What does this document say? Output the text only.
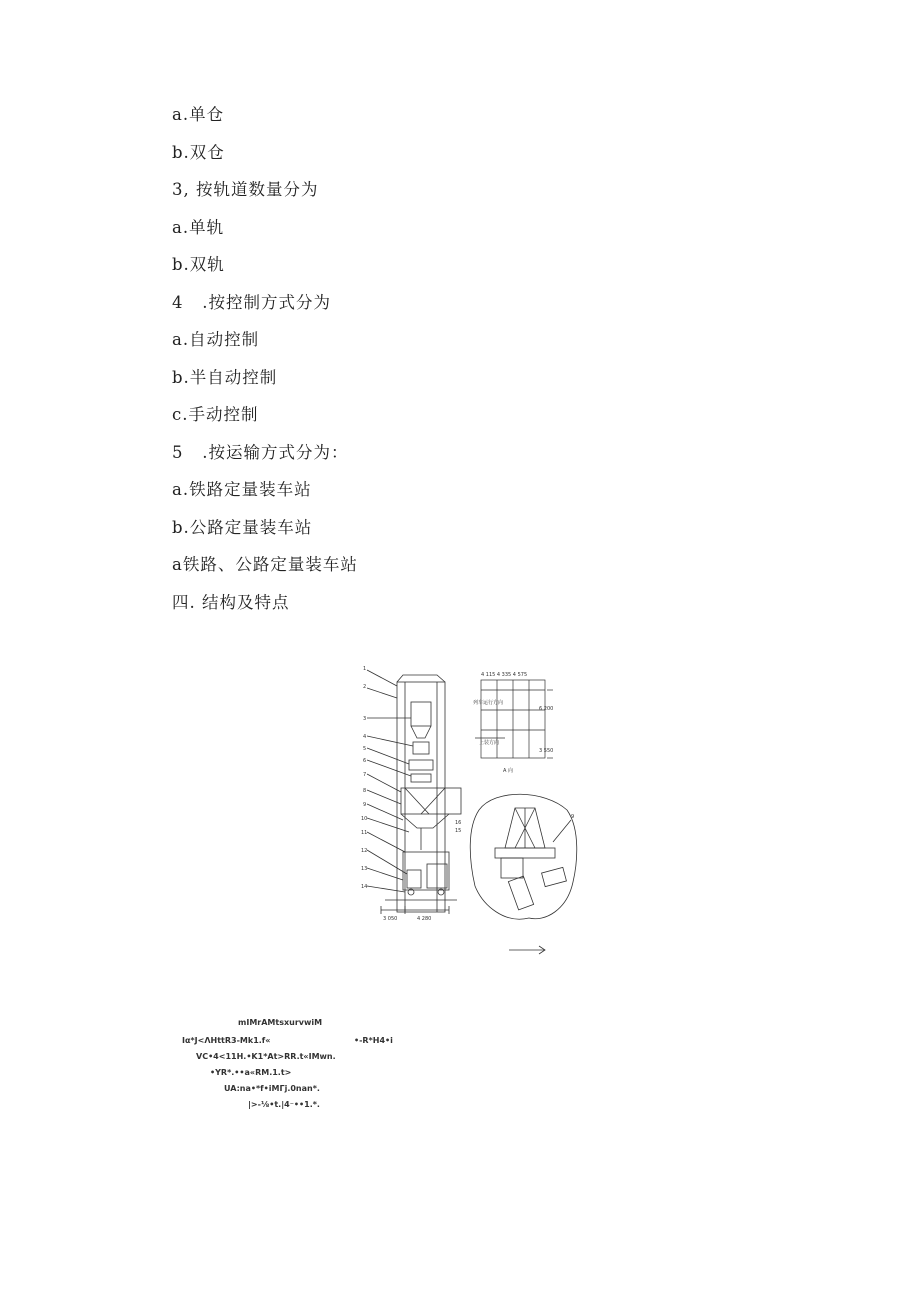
a.单仓
b.双仓
3, 按轨道数量分为
a.单轨
b.双轨
4   .按控制方式分为
a.自动控制
b.半自动控制
c.手动控制
5   .按运输方式分为：
a.铁路定量装车站
b.公路定量装车站
a铁路、公路定量装车站
四. 结构及特点
1
2
3
4
5
6
7
8
9
10
11
12
13
14
15
16
3 050	4 280
4 115 4 335 4 575
列车运行方向
上装方向
6 200
3 550
A 向
9
mIMrAMtsxurvwiM
Iα*J<ΛHttR3-Mk1.f«	•-R*H4•i
VC•4<11H.•K1*At>RR.t«IMwn.
•YR*.••a«RM.1.t>
UA:na•*f•iMΓj.0nan*.
|>-⅛•t.|4⁻••1.*.
